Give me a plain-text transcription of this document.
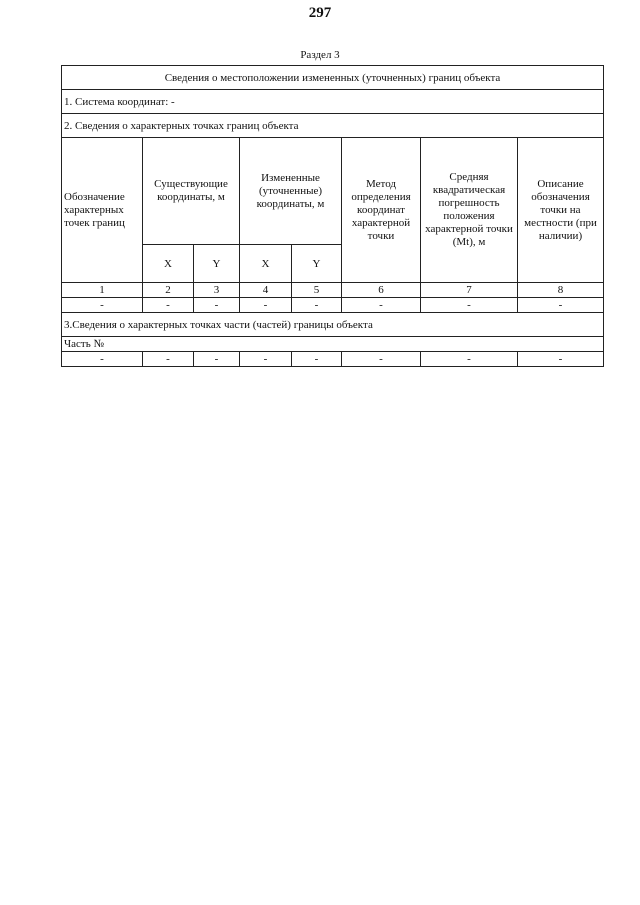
297
Раздел 3
Сведения о местоположении измененных (уточненных) границ объекта							
1. Система координат: -							
2. Сведения о характерных точках границ объекта							
Обозначение характерных точек границ	Существующие координаты, м		Измененные (уточненные) координаты, м		Метод определения координат характерной точки	Средняя квадратическая погрешность положения характерной точки (Mt), м	Описание обозначения точки на местности (при наличии)
	X	Y	X	Y			
1	2	3	4	5	6	7	8
-	-	-	-	-	-	-	-
3.Сведения о характерных точках части (частей) границы объекта							
Часть №							
-	-	-	-	-	-	-	-
